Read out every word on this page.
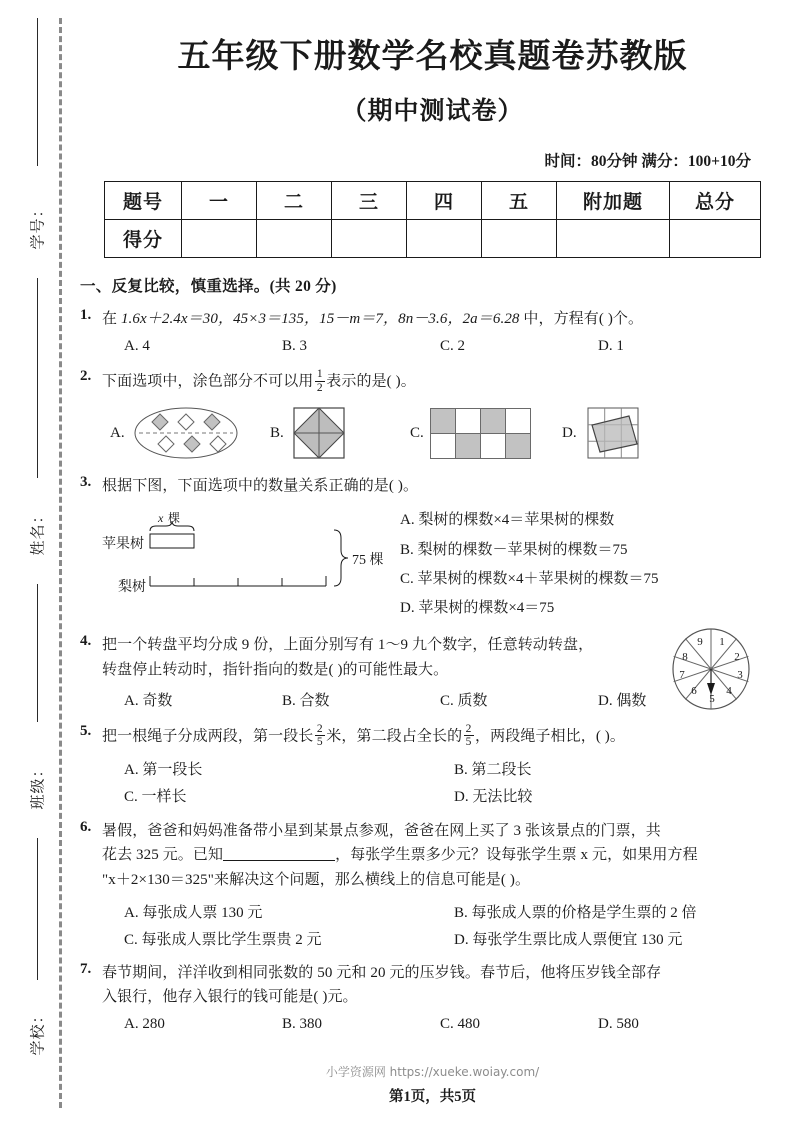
学号：
姓名：
班级：
学校：
五年级下册数学名校真题卷苏教版
（期中测试卷）
时间：80分钟 满分：100+10分
题号	一	二	三	四	五	附加题	总分
得分							
一、反复比较，慎重选择。(共 20 分)
1. 在 1.6x＋2.4x＝30，45×3＝135，15－m＝7，8n－3.6，2a＝6.28 中，方程有( )个。
A. 4	B. 3	C. 2	D. 1
2. 下面选项中，涂色部分不可以用 $\frac{1}{2}$ 表示的是( )。
A.	B.	C.	D.
3. 根据下图，下面选项中的数量关系正确的是( )。
x 棵
苹果树
梨树
75 棵
A. 梨树的棵数×4＝苹果树的棵数
B. 梨树的棵数－苹果树的棵数＝75
C. 苹果树的棵数×4＋苹果树的棵数＝75
D. 苹果树的棵数×4＝75
4. 把一个转盘平均分成 9 份，上面分别写有 1～9 九个数字，任意转动转盘，
转盘停止转动时，指针指向的数是( )的可能性最大。
A. 奇数	B. 合数	C. 质数	D. 偶数
1
2
3
4
5
6
7
8
9
5. 把一根绳子分成两段，第一段长 $\frac{2}{5}$ 米，第二段占全长的 $\frac{2}{5}$ ，两段绳子相比，( )。
A. 第一段长	B. 第二段长
C. 一样长	D. 无法比较
6. 暑假，爸爸和妈妈准备带小星到某景点参观，爸爸在网上买了 3 张该景点的门票，共
花去 325 元。已知	，每张学生票多少元？设每张学生票 x 元，如果用方程
"x＋2×130＝325"来解决这个问题，那么横线上的信息可能是( )。
A. 每张成人票 130 元	B. 每张成人票的价格是学生票的 2 倍
C. 每张成人票比学生票贵 2 元	D. 每张学生票比成人票便宜 130 元
7. 春节期间，洋洋收到相同张数的 50 元和 20 元的压岁钱。春节后，他将压岁钱全部存
入银行，他存入银行的钱可能是( )元。
A. 280	B. 380	C. 480	D. 580
小学资源网 https://xueke.woiay.com/
第1页，共5页
